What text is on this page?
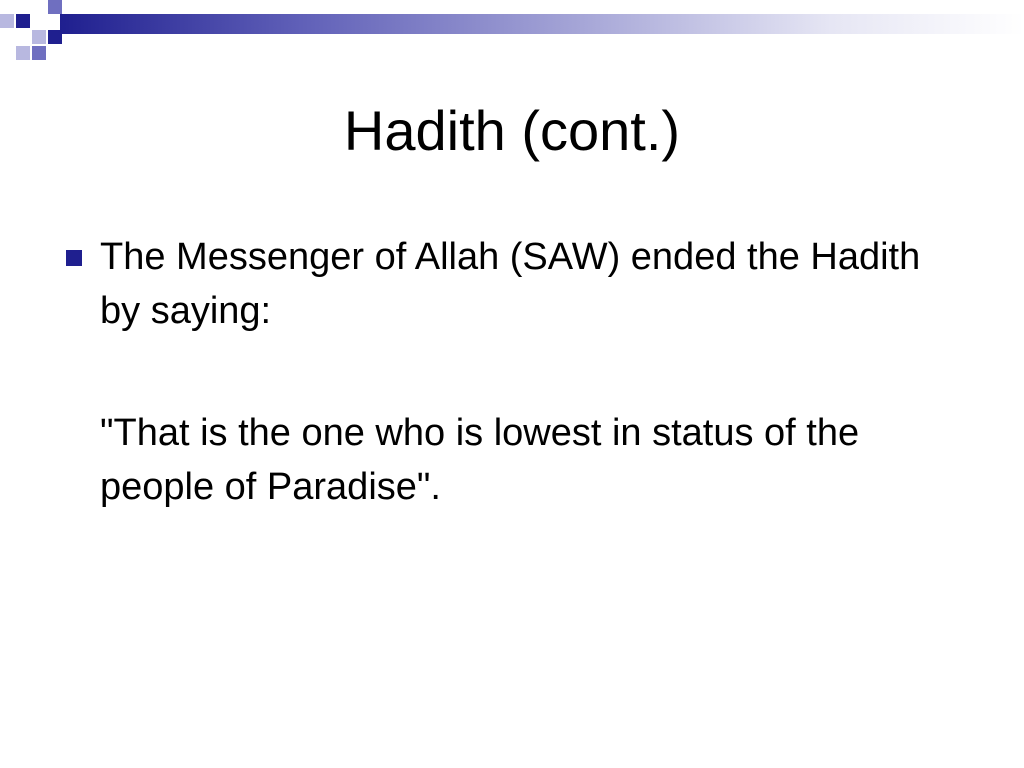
Hadith (cont.)
The Messenger of Allah (SAW) ended the Hadith by saying:
"That is the one who is lowest in status of the people of Paradise".
